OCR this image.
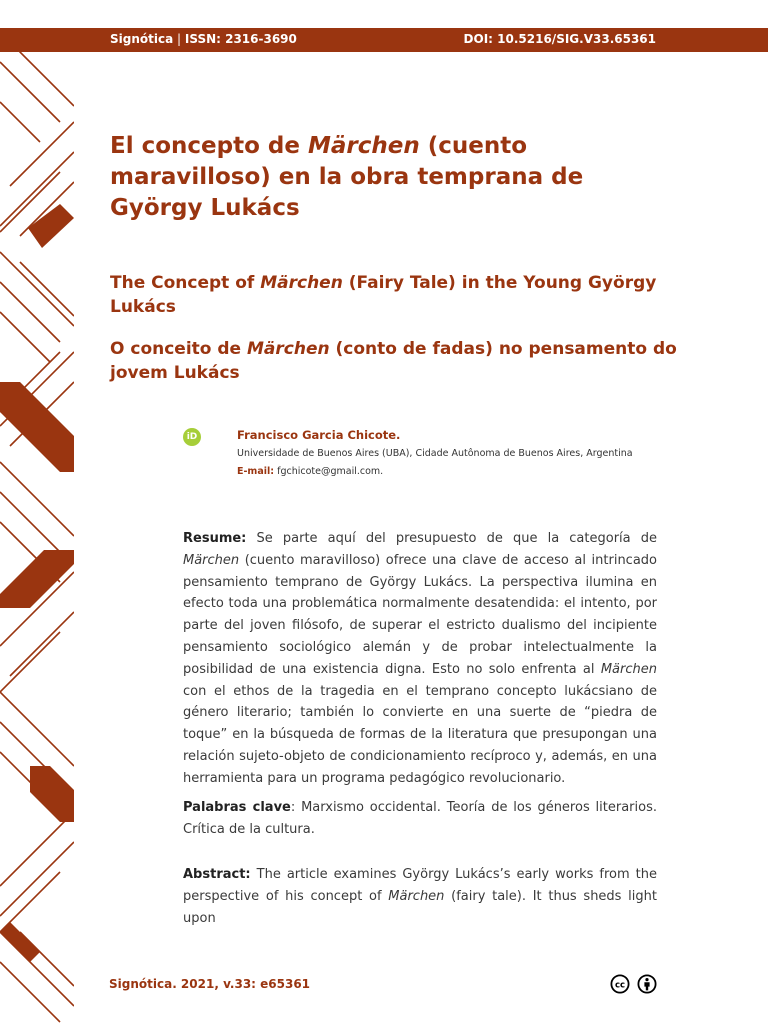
Signótica | ISSN: 2316-3690	DOI: 10.5216/SIG.V33.65361
El concepto de Märchen (cuento maravilloso) en la obra temprana de György Lukács
The Concept of Märchen (Fairy Tale) in the Young György Lukács
O conceito de Märchen (conto de fadas) no pensamento do jovem Lukács
iD	Francisco Garcia Chicote.
Universidade de Buenos Aires (UBA), Cidade Autônoma de Buenos Aires, Argentina
E-mail: fgchicote@gmail.com.
Resume: Se parte aquí del presupuesto de que la categoría de Märchen (cuento maravilloso) ofrece una clave de acceso al intrincado pensamiento temprano de György Lukács. La perspectiva ilumina en efecto toda una problemática normalmente desatendida: el intento, por parte del joven filósofo, de superar el estricto dualismo del incipiente pensamiento sociológico alemán y de probar intelectualmente la posibilidad de una existencia digna. Esto no solo enfrenta al Märchen con el ethos de la tragedia en el temprano concepto lukácsiano de género literario; también lo convierte en una suerte de “piedra de toque” en la búsqueda de formas de la literatura que presupongan una relación sujeto-objeto de condicionamiento recíproco y, además, en una herramienta para un programa pedagógico revolucionario.
Palabras clave: Marxismo occidental. Teoría de los géneros literarios. Crítica de la cultura.
Abstract: The article examines György Lukács’s early works from the perspective of his concept of Märchen (fairy tale). It thus sheds light upon
Signótica. 2021, v.33: e65361	cc
